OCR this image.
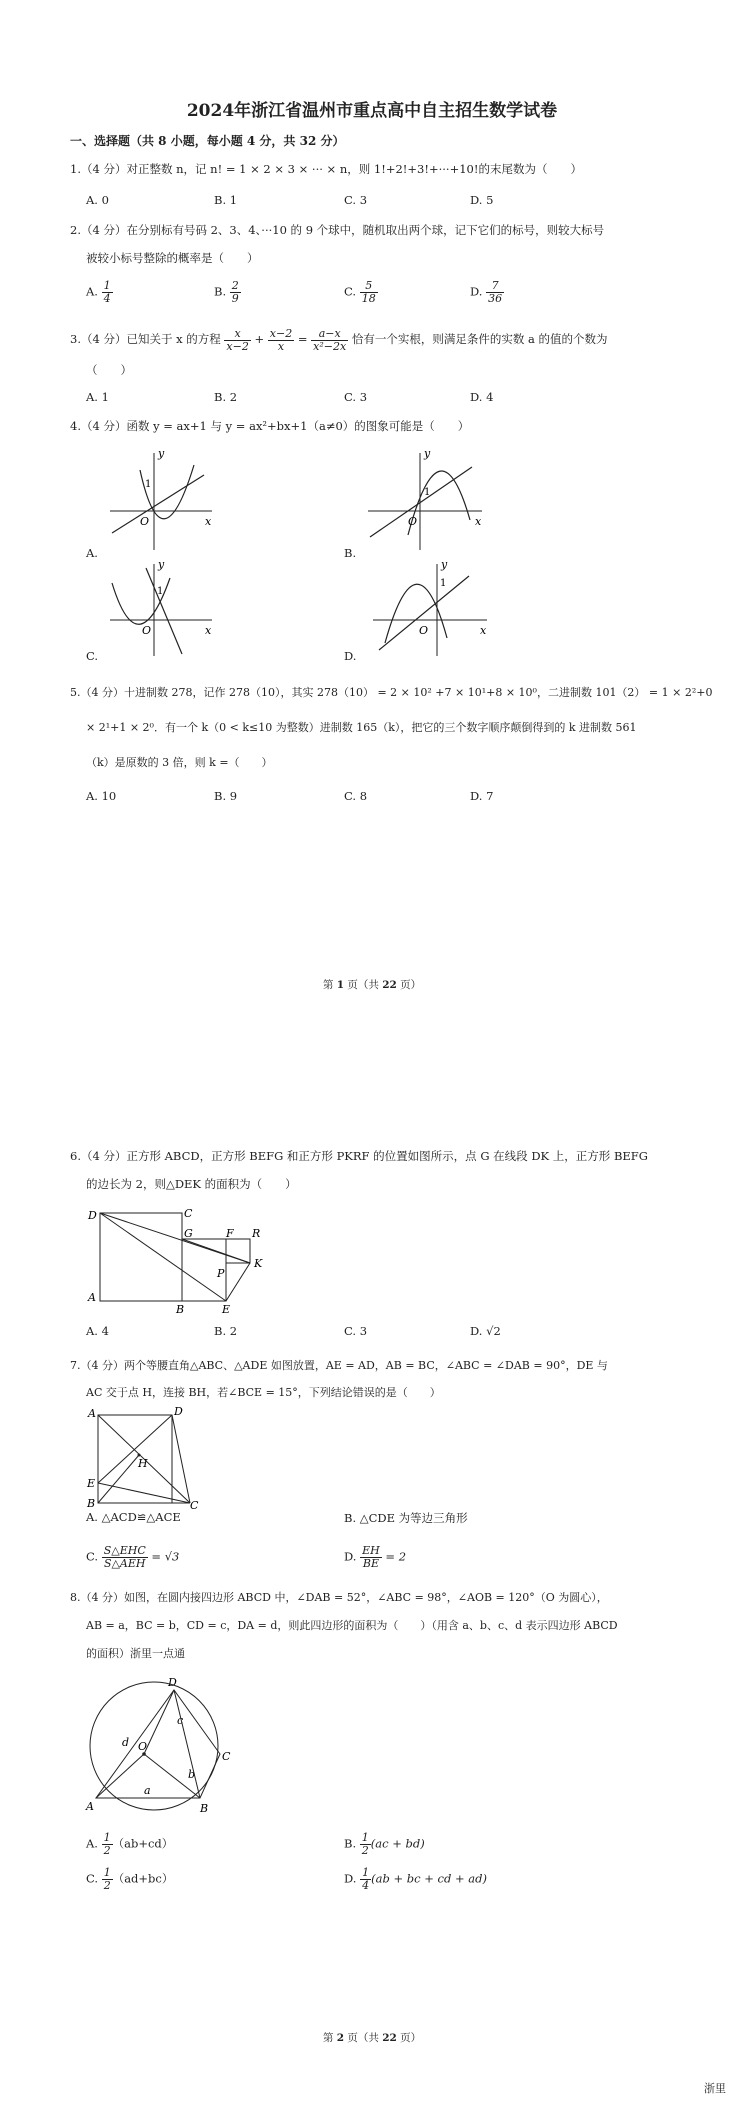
2024年浙江省温州市重点高中自主招生数学试卷
一、选择题（共 8 小题，每小题 4 分，共 32 分）
1.（4 分）对正整数 n，记 n! = 1 × 2 × 3 × ··· × n，则 1!+2!+3!+···+10!的末尾数为（　　）
A. 0	B. 1	C. 3	D. 5
2.（4 分）在分别标有号码 2、3、4、···10 的 9 个球中，随机取出两个球，记下它们的标号，则较大标号
被较小标号整除的概率是（　　）
A. $\frac{1}{4}$	B. $\frac{2}{9}$	C. $\frac{5}{18}$	D. $\frac{7}{36}$
3.（4 分）已知关于 x 的方程 $\frac{x}{x-2} + \frac{x-2}{x} = \frac{a-x}{\text{x²−2x}}$ 恰有一个实根，则满足条件的实数 a 的值的个数为
（　　）
A. 1	B. 2	C. 3	D. 4
4.（4 分）函数 y = ax+1 与 y = ax²+bx+1（a≠0）的图象可能是（　　）
y
x
O
1
A.
y
x
O
1
B.
y
x
O
1
C.
y
x
O
1
D.
5.（4 分）十进制数 278，记作 278（10），其实 278（10） = 2 × 10² +7 × 10¹+8 × 10⁰，二进制数 101（2） = 1 × 2²+0
× 2¹+1 × 2⁰．有一个 k（0 < k≤10 为整数）进制数 165（k），把它的三个数字顺序颠倒得到的 k 进制数 561
（k）是原数的 3 倍，则 k =（　　）
A. 10	B. 9	C. 8	D. 7
第 1 页（共 22 页）
6.（4 分）正方形 ABCD，正方形 BEFG 和正方形 PKRF 的位置如图所示，点 G 在线段 DK 上，正方形 BEFG
的边长为 2，则△DEK 的面积为（　　）
D	C
G	F R
P
K
A
B	E
A. 4	B. 2	C. 3	D. √2
7.（4 分）两个等腰直角△ABC、△ADE 如图放置，AE = AD，AB = BC，∠ABC = ∠DAB = 90°，DE 与
AC 交于点 H，连接 BH，若∠BCE = 15°，下列结论错误的是（　　）
A	D
H
E
B	C
A. △ACD≌△ACE	B. △CDE 为等边三角形
C. $\frac{\text{S△EHC}}{\text{S△AEH}} = √3$	D. $\frac{EH}{BE} = 2$
8.（4 分）如图，在圆内接四边形 ABCD 中，∠DAB = 52°，∠ABC = 98°，∠AOB = 120°（O 为圆心），
AB = a，BC = b，CD = c，DA = d，则此四边形的面积为（　　）（用含 a、b、c、d 表示四边形 ABCD
的面积）浙里一点通
D
C
O
A	B
a
b
c
d
A. $\frac{1}{2} (ab+cd)$	B. $\frac{1}{2} (ac + bd)$
C. $\frac{1}{2} (ad+bc)$	D. $\frac{1}{4} (ab$ + bc + cd + ad)
第 2 页（共 22 页）
浙里
